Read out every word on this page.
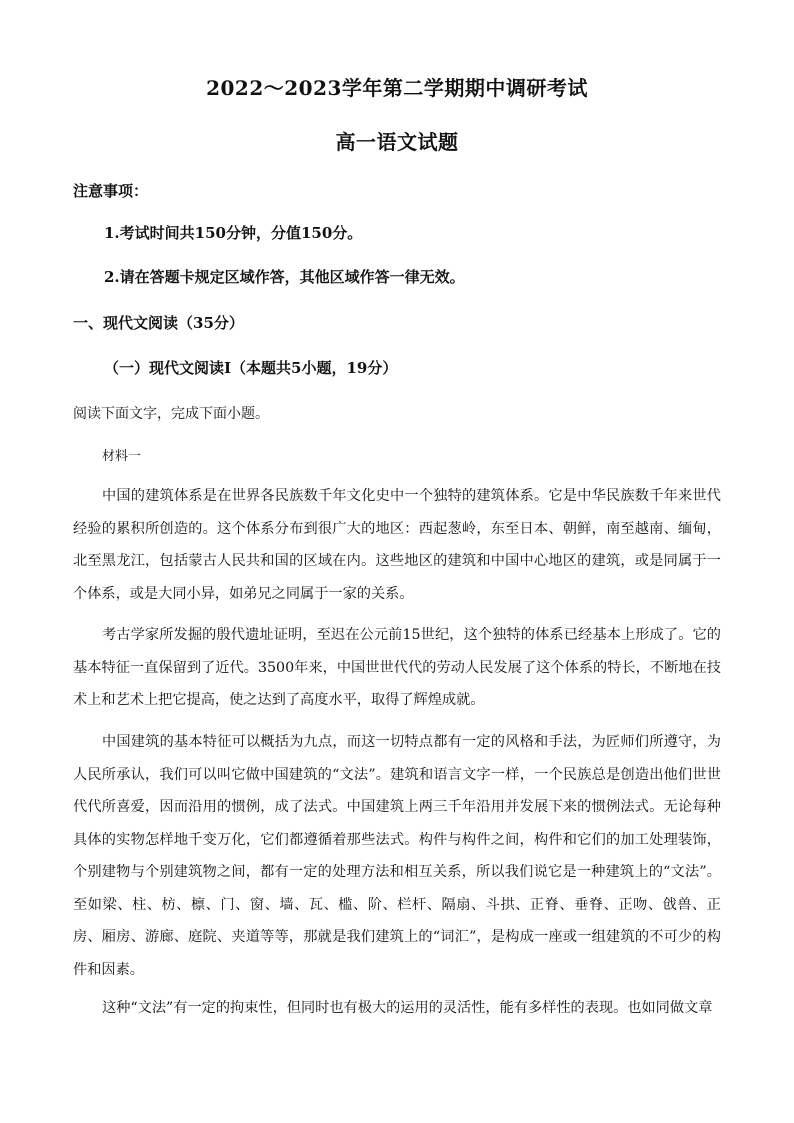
2022～2023学年第二学期期中调研考试
高一语文试题
注意事项：
1.考试时间共150分钟，分值150分。
2.请在答题卡规定区域作答，其他区域作答一律无效。
一、现代文阅读（35分）
（一）现代文阅读Ⅰ（本题共5小题，19分）
阅读下面文字，完成下面小题。
材料一

中国的建筑体系是在世界各民族数千年文化史中一个独特的建筑体系。它是中华民族数千年来世代经验的累积所创造的。这个体系分布到很广大的地区：西起葱岭，东至日本、朝鲜，南至越南、缅甸，北至黑龙江，包括蒙古人民共和国的区域在内。这些地区的建筑和中国中心地区的建筑，或是同属于一个体系，或是大同小异，如弟兄之同属于一家的关系。

考古学家所发掘的殷代遗址证明，至迟在公元前15世纪，这个独特的体系已经基本上形成了。它的基本特征一直保留到了近代。3500年来，中国世世代代的劳动人民发展了这个体系的特长，不断地在技术上和艺术上把它提高，使之达到了高度水平，取得了辉煌成就。

中国建筑的基本特征可以概括为九点，而这一切特点都有一定的风格和手法，为匠师们所遵守，为人民所承认，我们可以叫它做中国建筑的“文法”。建筑和语言文字一样，一个民族总是创造出他们世世代代所喜爱，因而沿用的惯例，成了法式。中国建筑上两三千年沿用并发展下来的惯例法式。无论每种具体的实物怎样地千变万化，它们都遵循着那些法式。构件与构件之间，构件和它们的加工处理装饰，个别建物与个别建筑物之间，都有一定的处理方法和相互关系，所以我们说它是一种建筑上的“文法”。至如梁、柱、枋、檩、门、窗、墙、瓦、槛、阶、栏杆、隔扇、斗拱、正脊、垂脊、正吻、戗兽、正房、厢房、游廊、庭院、夹道等等，那就是我们建筑上的“词汇”，是构成一座或一组建筑的不可少的构件和因素。

这种“文法”有一定的拘束性，但同时也有极大的运用的灵活性，能有多样性的表现。也如同做文章
